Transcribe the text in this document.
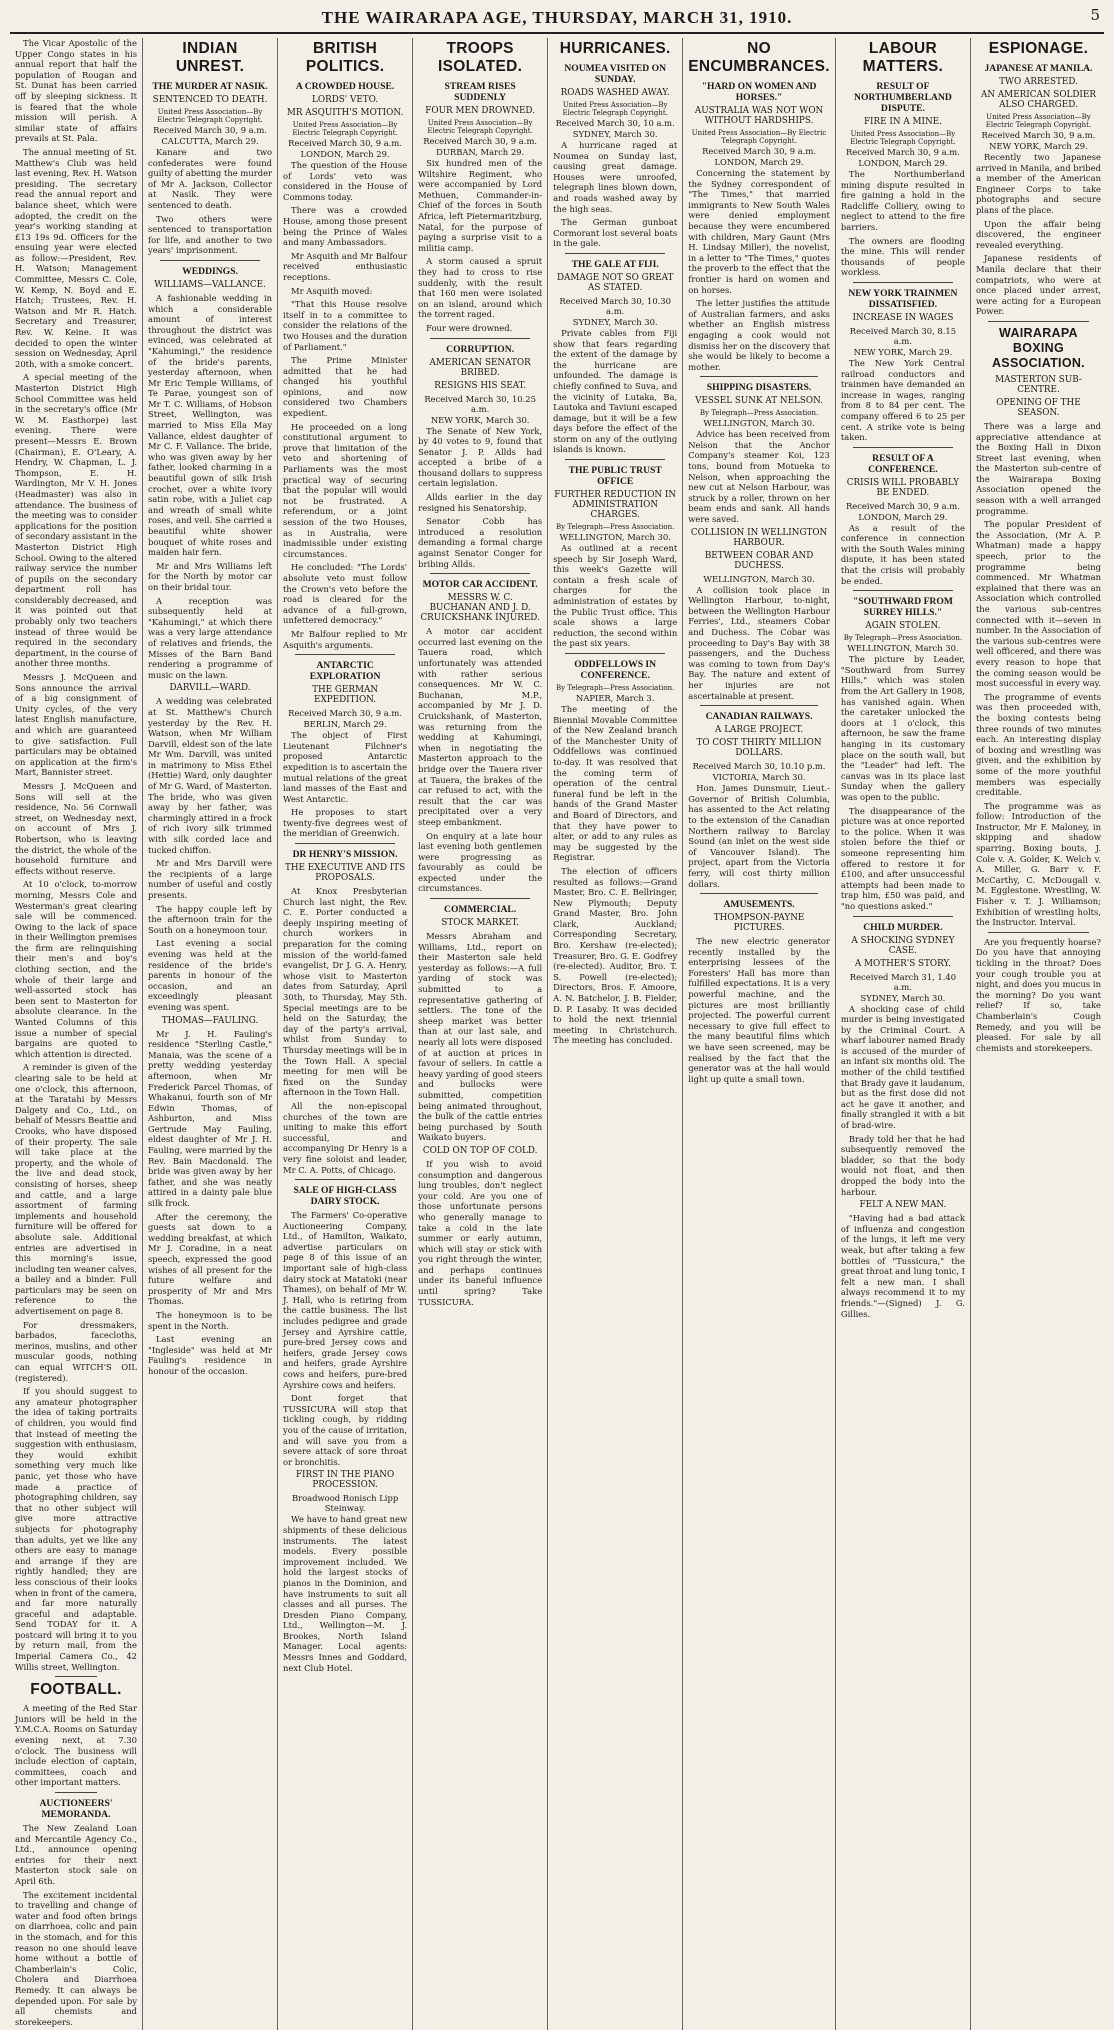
THE WAIRARAPA AGE, THURSDAY, MARCH 31, 1910.	5

The Vicar Apostolic of the Upper Congo states in his annual report that half the population of Rougan and St. Dunat has been carried off by sleeping sickness. It is feared that the whole mission will perish. A similar state of affairs prevails at St. Pala.

The annual meeting of St. Matthew's Club was held last evening, Rev. H. Watson presiding. The secretary read the annual report and balance sheet, which were adopted, the credit on the year's working standing at £13 19s 9d. Officers for the ensuing year were elected as follow:—President, Rev. H. Watson; Management Committee, Messrs C. Cole, W. Kemp, N. Boyd and E. Hatch; Trustees, Rev. H. Watson and Mr R. Hatch. Secretary and Treasurer, Rev. W. Keine. It was decided to open the winter session on Wednesday, April 20th, with a smoke concert.

A special meeting of the Masterton District High School Committee was held in the secretary's office (Mr W. M. Easthorpe) last evening. There were present—Messrs E. Brown (Chairman), E. O'Leary, A. Hendry, W. Chapman, L. J. Thompson, E. H. Wardington, Mr V. H. Jones (Headmaster) was also in attendance. The business of the meeting was to consider applications for the position of secondary assistant in the Masterton District High School. Owing to the altered railway service the number of pupils on the secondary department roll has considerably decreased, and it was pointed out that probably only two teachers instead of three would be required in the secondary department, in the course of another three months.

Messrs J. McQueen and Sons announce the arrival of a big consignment of Unity cycles, of the very latest English manufacture, and which are guaranteed to give satisfaction. Full particulars may be obtained on application at the firm's Mart, Bannister street.

Messrs J. McQueen and Sons will sell at the residence, No. 56 Cornwall street, on Wednesday next, on account of Mrs J. Robertson, who is leaving the district, the whole of the household furniture and effects without reserve.

At 10 o'clock, to-morrow morning, Messrs Cole and Westerman's great clearing sale will be commenced. Owing to the lack of space in their Wellington premises the firm are relinquishing their men's and boy's clothing section, and the whole of their large and well-assorted stock has been sent to Masterton for absolute clearance. In the Wanted Columns of this issue a number of special bargains are quoted to which attention is directed.

A reminder is given of the clearing sale to be held at one o'clock, this afternoon, at the Taratahi by Messrs Dalgety and Co., Ltd., on behalf of Messrs Beattie and Crooks, who have disposed of their property. The sale will take place at the property, and the whole of the live and dead stock, consisting of horses, sheep and cattle, and a large assortment of farming implements and household furniture will be offered for absolute sale. Additional entries are advertised in this morning's issue, including ten weaner calves, a bailey and a binder. Full particulars may be seen on reference to the advertisement on page 8.

For dressmakers, barbados, facecloths, merinos, muslins, and other muscular goods, nothing can equal WITCH'S OIL (registered).

If you should suggest to any amateur photographer the idea of taking portraits of children, you would find that instead of meeting the suggestion with enthusiasm, they would exhibit something very much like panic, yet those who have made a practice of photographing children, say that no other subject will give more attractive subjects for photography than adults, yet we like any others are easy to manage and arrange if they are rightly handled; they are less conscious of their looks when in front of the camera, and far more naturally graceful and adaptable. Send TODAY for it. A postcard will bring it to you by return mail, from the Imperial Camera Co., 42 Willis street, Wellington.

FOOTBALL.

A meeting of the Red Star Juniors will be held in the Y.M.C.A. Rooms on Saturday evening next, at 7.30 o'clock. The business will include election of captain, committees, coach and other important matters.

AUCTIONEERS' MEMORANDA.

The New Zealand Loan and Mercantile Agency Co., Ltd., announce opening entries for their next Masterton stock sale on April 6th.

The excitement incidental to travelling and change of water and food often brings on diarrhoea, colic and pain in the stomach, and for this reason no one should leave home without a bottle of Chamberlain's Colic, Cholera and Diarrhoea Remedy. It can always be depended upon. For sale by all chemists and storekeepers.

INDIAN UNREST.
THE MURDER AT NASIK.
SENTENCED TO DEATH.
United Press Association—By Electric Telegraph Copyright.
Received March 30, 9 a.m.
CALCUTTA, March 29.

Kanare and two confederates were found guilty of abetting the murder of Mr A. Jackson, Collector at Nasik. They were sentenced to death.

Two others were sentenced to transportation for life, and another to two years' imprisonment.

WEDDINGS.
WILLIAMS—VALLANCE.

A fashionable wedding in which a considerable amount of interest throughout the district was evinced, was celebrated at "Kahumingi," the residence of the bride's parents, yesterday afternoon, when Mr Eric Temple Williams, of Te Parae, youngest son of Mr T. C. Williams, of Hobson Street, Wellington, was married to Miss Ella May Vallance, eldest daughter of Mr C. F. Vallance. The bride, who was given away by her father, looked charming in a beautiful gown of silk Irish crochet, over a white ivory satin robe, with a Juliet cap and wreath of small white roses, and veil. She carried a beautiful white shower bouquet of white roses and maiden hair fern.

Mr and Mrs Williams left for the North by motor car on their bridal tour.

A reception was subsequently held at "Kahumingi," at which there was a very large attendance of relatives and friends, the Misses of the Barn Band rendering a programme of music on the lawn.

DARVILL—WARD.

A wedding was celebrated at St. Matthew's Church yesterday by the Rev. H. Watson, when Mr William Darvill, eldest son of the late Mr Wm. Darvill, was united in matrimony to Miss Ethel (Hettie) Ward, only daughter of Mr G. Ward, of Masterton. The bride, who was given away by her father, was charmingly attired in a frock of rich ivory silk trimmed with silk corded lace and tucked chiffon.

Mr and Mrs Darvill were the recipients of a large number of useful and costly presents.

The happy couple left by the afternoon train for the South on a honeymoon tour.

Last evening a social evening was held at the residence of the bride's parents in honour of the occasion, and an exceedingly pleasant evening was spent.

THOMAS—FAULING.

Mr J. H. Fauling's residence "Sterling Castle," Manaia, was the scene of a pretty wedding yesterday afternoon, when Mr Frederick Parcel Thomas, of Whakanui, fourth son of Mr Edwin Thomas, of Ashburton, and Miss Gertrude May Fauling, eldest daughter of Mr J. H. Fauling, were married by the Rev. Bain Macdonald. The bride was given away by her father, and she was neatly attired in a dainty pale blue silk frock.

After the ceremony, the guests sat down to a wedding breakfast, at which Mr J. Coradine, in a neat speech, expressed the good wishes of all present for the future welfare and prosperity of Mr and Mrs Thomas.

The honeymoon is to be spent in the North.

Last evening an "Ingleside" was held at Mr Fauling's residence in honour of the occasion.

BRITISH POLITICS.
A CROWDED HOUSE.
LORDS' VETO.
MR ASQUITH'S MOTION.
United Press Association—By Electric Telegraph Copyright.
Received March 30, 9 a.m.
LONDON, March 29.

The question of the House of Lords' veto was considered in the House of Commons today.

There was a crowded House, among those present being the Prince of Wales and many Ambassadors.

Mr Asquith and Mr Balfour received enthusiastic receptions.

Mr Asquith moved:

"That this House resolve itself in to a committee to consider the relations of the two Houses and the duration of Parliament."

The Prime Minister admitted that he had changed his youthful opinions, and now considered two Chambers expedient.

He proceeded on a long constitutional argument to prove that limitation of the veto and shortening of Parliaments was the most practical way of securing that the popular will would not be frustrated. A referendum, or a joint session of the two Houses, as in Australia, were inadmissible under existing circumstances.

He concluded: "The Lords' absolute veto must follow the Crown's veto before the road is cleared for the advance of a full-grown, unfettered democracy."

Mr Balfour replied to Mr Asquith's arguments.

ANTARCTIC EXPLORATION
THE GERMAN EXPEDITION.
Received March 30, 9 a.m.
BERLIN, March 29.

The object of First Lieutenant Filchner's proposed Antarctic expedition is to ascertain the mutual relations of the great land masses of the East and West Antarctic.

He proposes to start twenty-five degrees west of the meridian of Greenwich.

DR HENRY'S MISSION.
THE EXECUTIVE AND ITS PROPOSALS.

At Knox Presbyterian Church last night, the Rev. C. E. Porter conducted a deeply inspiring meeting of church workers in preparation for the coming mission of the world-famed evangelist, Dr J. G. A. Henry, whose visit to Masterton dates from Saturday, April 30th, to Thursday, May 5th. Special meetings are to be held on the Saturday, the day of the party's arrival, whilst from Sunday to Thursday meetings will be in the Town Hall. A special meeting for men will be fixed on the Sunday afternoon in the Town Hall.

All the non-episcopal churches of the town are uniting to make this effort successful, and accompanying Dr Henry is a very fine soloist and leader, Mr C. A. Potts, of Chicago.

SALE OF HIGH-CLASS DAIRY STOCK.

The Farmers' Co-operative Auctioneering Company, Ltd., of Hamilton, Waikato, advertise particulars on page 8 of this issue of an important sale of high-class dairy stock at Matatoki (near Thames), on behalf of Mr W. J. Hall, who is retiring from the cattle business. The list includes pedigree and grade Jersey and Ayrshire cattle, pure-bred Jersey cows and heifers, grade Jersey cows and heifers, grade Ayrshire cows and heifers, pure-bred Ayrshire cows and heifers.

Dont forget that TUSSICURA will stop that tickling cough, by ridding you of the cause of irritation, and will save you from a severe attack of sore throat or bronchitis.

FIRST IN THE PIANO PROCESSION.
Broadwood Ronisch Lipp Steinway.

We have to hand great new shipments of these delicious instruments. The latest models. Every possible improvement included. We hold the largest stocks of pianos in the Dominion, and have instruments to suit all classes and all purses. The Dresden Piano Company, Ltd., Wellington—M. J. Brookes, North Island Manager. Local agents: Messrs Innes and Goddard, next Club Hotel.

TROOPS ISOLATED.
STREAM RISES SUDDENLY
FOUR MEN DROWNED.
United Press Association—By Electric Telegraph Copyright.
Received March 30, 9 a.m.
DURBAN, March 29.

Six hundred men of the Wiltshire Regiment, who were accompanied by Lord Methuen, Commander-in-Chief of the forces in South Africa, left Pietermaritzburg, Natal, for the purpose of paying a surprise visit to a militia camp.

A storm caused a spruit they had to cross to rise suddenly, with the result that 160 men were isolated on an island, around which the torrent raged.

Four were drowned.

CORRUPTION.
AMERICAN SENATOR BRIBED.
RESIGNS HIS SEAT.
Received March 30, 10.25 a.m.
NEW YORK, March 30.

The Senate of New York, by 40 votes to 9, found that Senator J. P. Allds had accepted a bribe of a thousand dollars to suppress certain legislation.

Allds earlier in the day resigned his Senatorship.

Senator Cobb has introduced a resolution demanding a formal charge against Senator Conger for bribing Allds.

MOTOR CAR ACCIDENT.
MESSRS W. C. BUCHANAN AND J. D. CRUICKSHANK INJURED.

A motor car accident occurred last evening on the Tauera road, which unfortunately was attended with rather serious consequences. Mr W. C. Buchanan, M.P., accompanied by Mr J. D. Cruickshank, of Masterton, was returning from the wedding at Kahumingi, when in negotiating the Masterton approach to the bridge over the Tauera river at Tauera, the brakes of the car refused to act, with the result that the car was precipitated over a very steep embankment.

On enquiry at a late hour last evening both gentlemen were progressing as favourably as could be expected under the circumstances.

COMMERCIAL.
STOCK MARKET.

Messrs Abraham and Williams, Ltd., report on their Masterton sale held yesterday as follows:—A full yarding of stock was submitted to a representative gathering of settlers. The tone of the sheep market was better than at our last sale, and nearly all lots were disposed of at auction at prices in favour of sellers. In cattle a heavy yarding of good steers and bullocks were submitted, competition being animated throughout, the bulk of the cattle entries being purchased by South Waikato buyers.

COLD ON TOP OF COLD.

If you wish to avoid consumption and dangerous lung troubles, don't neglect your cold. Are you one of those unfortunate persons who generally manage to take a cold in the late summer or early autumn, which will stay or stick with you right through the winter, and perhaps continues under its baneful influence until spring? Take TUSSICURA.

HURRICANES.
NOUMEA VISITED ON SUNDAY.
ROADS WASHED AWAY.
United Press Association—By Electric Telegraph Copyright.
Received March 30, 10 a.m.
SYDNEY, March 30.

A hurricane raged at Noumea on Sunday last, causing great damage. Houses were unroofed, telegraph lines blown down, and roads washed away by the high seas.

The German gunboat Cormorant lost several boats in the gale.

THE GALE AT FIJI.
DAMAGE NOT SO GREAT AS STATED.
Received March 30, 10.30 a.m.
SYDNEY, March 30.

Private cables from Fiji show that fears regarding the extent of the damage by the hurricane are unfounded. The damage is chiefly confined to Suva, and the vicinity of Lutaka, Ba, Lautoka and Taviuni escaped damage, but it will be a few days before the effect of the storm on any of the outlying islands is known.

THE PUBLIC TRUST OFFICE
FURTHER REDUCTION IN ADMINISTRATION CHARGES.
By Telegraph—Press Association.
WELLINGTON, March 30.

As outlined at a recent speech by Sir Joseph Ward, this week's Gazette will contain a fresh scale of charges for the administration of estates by the Public Trust office. This scale shows a large reduction, the second within the past six years.

ODDFELLOWS IN CONFERENCE.
By Telegraph—Press Association.
NAPIER, March 3.

The meeting of the Biennial Movable Committee of the New Zealand branch of the Manchester Unity of Oddfellows was continued to-day. It was resolved that the coming term of operation of the central funeral fund be left in the hands of the Grand Master and Board of Directors, and that they have power to alter, or add to any rules as may be suggested by the Registrar.

The election of officers resulted as follows:—Grand Master, Bro. C. E. Bellringer, New Plymouth; Deputy Grand Master, Bro. John Clark, Auckland; Corresponding Secretary, Bro. Kershaw (re-elected); Treasurer, Bro. G. E. Godfrey (re-elected). Auditor, Bro. T. S. Powell (re-elected); Directors, Bros. F. Amoore, A. N. Batchelor, J. B. Fielder, D. P. Lasaby. It was decided to hold the next triennial meeting in Christchurch. The meeting has concluded.

NO ENCUMBRANCES.
"HARD ON WOMEN AND HORSES."
AUSTRALIA WAS NOT WON WITHOUT HARDSHIPS.
United Press Association—By Electric Telegraph Copyright.
Received March 30, 9 a.m.
LONDON, March 29.

Concerning the statement by the Sydney correspondent of "The Times," that married immigrants to New South Wales were denied employment because they were encumbered with children, Mary Gaunt (Mrs H. Lindsay Miller), the novelist, in a letter to "The Times," quotes the proverb to the effect that the frontier is hard on women and on horses.

The letter justifies the attitude of Australian farmers, and asks whether an English mistress engaging a cook would not dismiss her on the discovery that she would be likely to become a mother.

SHIPPING DISASTERS.
VESSEL SUNK AT NELSON.
By Telegraph—Press Association.
WELLINGTON, March 30.

Advice has been received from Nelson that the Anchor Company's steamer Koi, 123 tons, bound from Motueka to Nelson, when approaching the new cut at Nelson Harbour, was struck by a roller, thrown on her beam ends and sank. All hands were saved.

COLLISION IN WELLINGTON HARBOUR.
BETWEEN COBAR AND DUCHESS.
WELLINGTON, March 30.

A collision took place in Wellington Harbour, to-night, between the Wellington Harbour Ferries', Ltd., steamers Cobar and Duchess. The Cobar was proceeding to Day's Bay with 38 passengers, and the Duchess was coming to town from Day's Bay. The nature and extent of her injuries are not ascertainable at present.

CANADIAN RAILWAYS.
A LARGE PROJECT.
TO COST THIRTY MILLION DOLLARS.
Received March 30, 10.10 p.m.
VICTORIA, March 30.

Hon. James Dunsmuir, Lieut.-Governor of British Columbia, has assented to the Act relating to the extension of the Canadian Northern railway to Barclay Sound (an inlet on the west side of Vancouver Island). The project, apart from the Victoria ferry, will cost thirty million dollars.

AMUSEMENTS.
THOMPSON-PAYNE PICTURES.

The new electric generator recently installed by the enterprising lessees of the Foresters' Hall has more than fulfilled expectations. It is a very powerful machine, and the pictures are most brilliantly projected. The powerful current necessary to give full effect to the many beautiful films which we have seen screened, may be realised by the fact that the generator was at the hall would light up quite a small town.

LABOUR MATTERS.
RESULT OF NORTHUMBERLAND DISPUTE.
FIRE IN A MINE.
United Press Association—By Electric Telegraph Copyright.
Received March 30, 9 a.m.
LONDON, March 29.

The Northumberland mining dispute resulted in fire gaining a hold in the Radcliffe Colliery, owing to neglect to attend to the fire barriers.

The owners are flooding the mine. This will render thousands of people workless.

NEW YORK TRAINMEN DISSATISFIED.
INCREASE IN WAGES
Received March 30, 8.15 a.m.
NEW YORK, March 29.

The New York Central railroad conductors and trainmen have demanded an increase in wages, ranging from 8 to 84 per cent. The company offered 6 to 25 per cent. A strike vote is being taken.

RESULT OF A CONFERENCE.
CRISIS WILL PROBABLY BE ENDED.
Received March 30, 9 a.m.
LONDON, March 29.

As a result of the conference in connection with the South Wales mining dispute, it has been stated that the crisis will probably be ended.

"SOUTHWARD FROM SURREY HILLS."
AGAIN STOLEN.
By Telegraph—Press Association.
WELLINGTON, March 30.

The picture by Leader, "Southward from Surrey Hills," which was stolen from the Art Gallery in 1908, has vanished again. When the caretaker unlocked the doors at 1 o'clock, this afternoon, he saw the frame hanging in its customary place on the south wall, but the "Leader" had left. The canvas was in its place last Sunday when the gallery was open to the public.

The disappearance of the picture was at once reported to the police. When it was stolen before the thief or someone representing him offered to restore it for £100, and after unsuccessful attempts had been made to trap him, £50 was paid, and "no questions asked."

CHILD MURDER.
A SHOCKING SYDNEY CASE.
A MOTHER'S STORY.
Received March 31, 1.40 a.m.
SYDNEY, March 30.

A shocking case of child murder is being investigated by the Criminal Court. A wharf labourer named Brady is accused of the murder of an infant six months old. The mother of the child testified that Brady gave it laudanum, but as the first dose did not act he gave it another, and finally strangled it with a bit of brad-wire.

Brady told her that he had subsequently removed the bladder, so that the body would not float, and then dropped the body into the harbour.

FELT A NEW MAN.

"Having had a bad attack of influenza and congestion of the lungs, it left me very weak, but after taking a few bottles of "Tussicura," the great throat and lung tonic, I felt a new man. I shall always recommend it to my friends."—(Signed) J. G. Gillies.

ESPIONAGE.
JAPANESE AT MANILA.
TWO ARRESTED.
AN AMERICAN SOLDIER ALSO CHARGED.
United Press Association—By Electric Telegraph Copyright.
Received March 30, 9 a.m.
NEW YORK, March 29.

Recently two Japanese arrived in Manila, and bribed a member of the American Engineer Corps to take photographs and secure plans of the place.

Upon the affair being discovered, the engineer revealed everything.

Japanese residents of Manila declare that their compatriots, who were at once placed under arrest, were acting for a European Power.

WAIRARAPA BOXING ASSOCIATION.
MASTERTON SUB-CENTRE.
OPENING OF THE SEASON.

There was a large and appreciative attendance at the Boxing Hall in Dixon Street last evening, when the Masterton sub-centre of the Wairarapa Boxing Association opened the season with a well arranged programme.

The popular President of the Association, (Mr A. P. Whatman) made a happy speech, prior to the programme being commenced. Mr Whatman explained that there was an Association which controlled the various sub-centres connected with it—seven in number. In the Association of the various sub-centres were well officered, and there was every reason to hope that the coming season would be most successful in every way.

The programme of events was then proceeded with, the boxing contests being three rounds of two minutes each. An interesting display of boxing and wrestling was given, and the exhibition by some of the more youthful members was especially creditable.

The programme was as follow: Introduction of the Instructor, Mr F. Maloney, in skipping and shadow sparring. Boxing bouts, J. Cole v. A. Golder, K. Welch v. A. Miller, G. Barr v. F. McCarthy, C. McDougall v. M. Egglestone. Wrestling, W. Fisher v. T. J. Williamson; Exhibition of wrestling holts, the Instructor. Interval.

Are you frequently hoarse? Do you have that annoying tickling in the throat? Does your cough trouble you at night, and does you mucus in the morning? Do you want relief? If so, take Chamberlain's Cough Remedy, and you will be pleased. For sale by all chemists and storekeepers.
